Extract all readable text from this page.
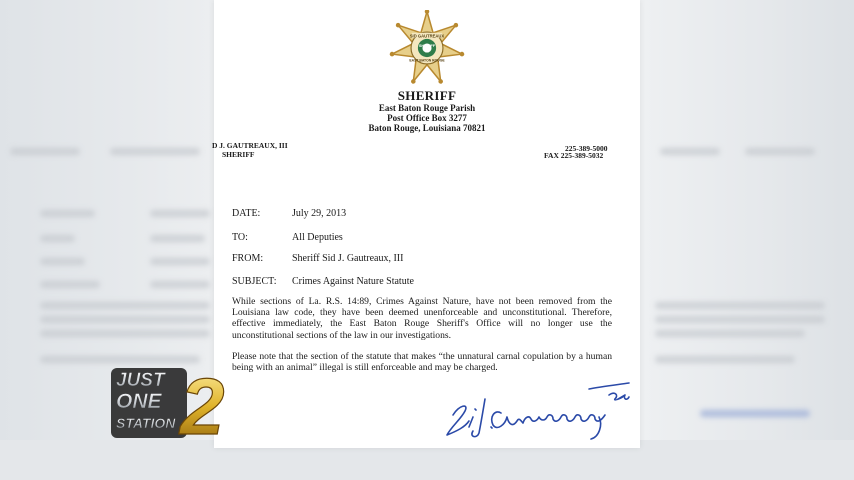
SID GAUTREAUX
SHERIFF
EAST BATON ROUGE
SHERIFF
East Baton Rouge Parish
Post Office Box 3277
Baton Rouge, Louisiana 70821
D J. GAUTREAUX, III
SHERIFF
225-389-5000
FAX 225-389-5032
DATE:	July 29, 2013
TO:	All Deputies
FROM:	Sheriff Sid J. Gautreaux, III
SUBJECT: Crimes Against Nature Statute
While sections of La. R.S. 14:89, Crimes Against Nature, have not been removed from the Louisiana law code, they have been deemed unenforceable and unconstitutional. Therefore, effective immediately, the East Baton Rouge Sheriff's Office will no longer use the unconstitutional sections of the law in our investigations.
Please note that the section of the statute that makes “the unnatural carnal copulation by a human being with an animal” illegal is still enforceable and may be charged.
JUST
ONE
STATION 2
